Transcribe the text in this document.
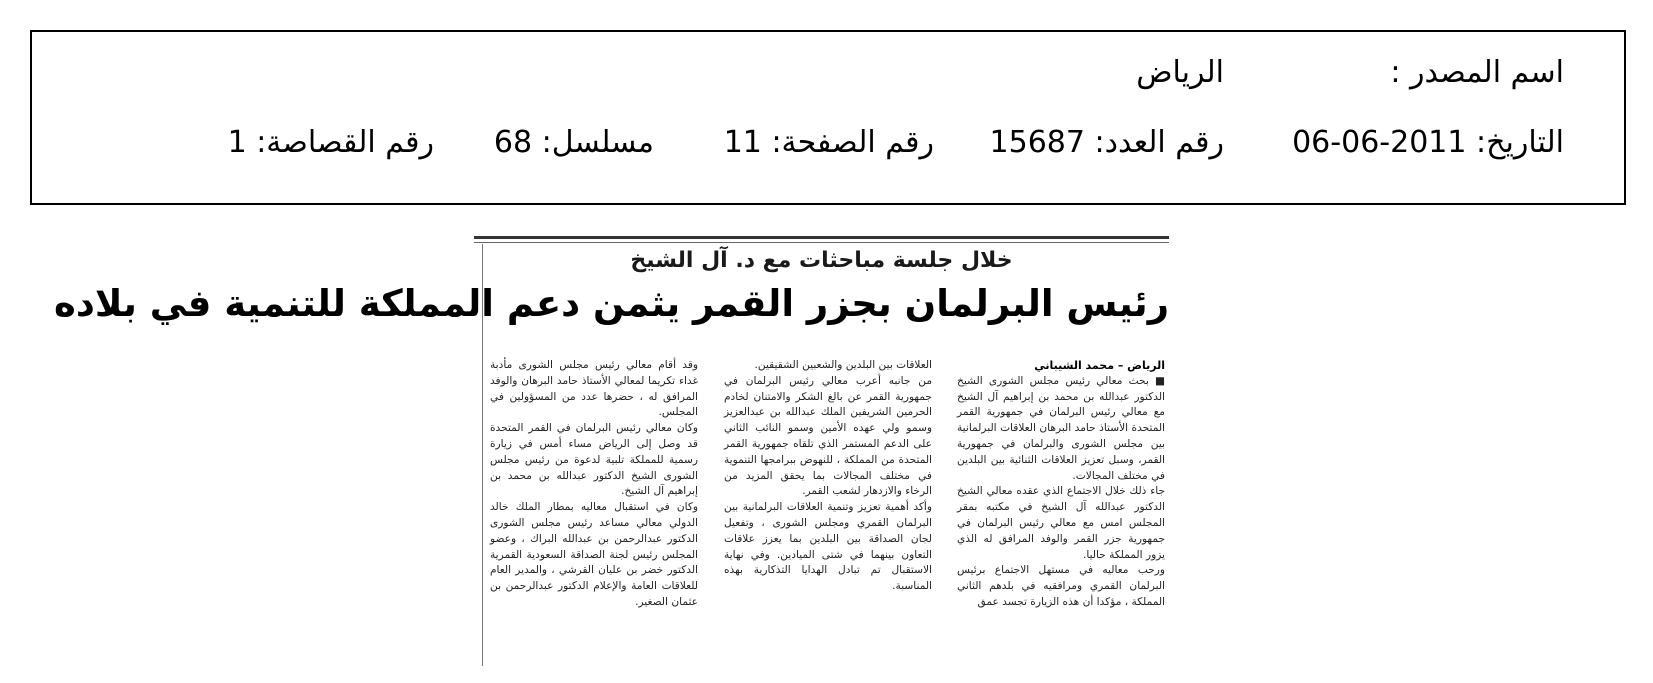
اسم المصدر :
الرياض
التاريخ: 2011-06-06
رقم العدد: 15687
رقم الصفحة: 11
مسلسل: 68
رقم القصاصة: 1
خلال جلسة مباحثات مع د. آل الشيخ
رئيس البرلمان بجزر القمر يثمن دعم المملكة للتنمية في بلاده

الرياض – محمد الشيباني

■ بحث معالي رئيس مجلس الشورى الشيخ الدكتور عبدالله بن محمد بن إبراهيم آل الشيخ مع معالي رئيس البرلمان في جمهورية القمر المتحدة الأستاذ حامد البرهان العلاقات البرلمانية بين مجلس الشورى والبرلمان في جمهورية القمر، وسبل تعزيز العلاقات الثنائية بين البلدين في مختلف المجالات.

جاء ذلك خلال الاجتماع الذي عقده معالي الشيخ الدكتور عبدالله آل الشيخ في مكتبه بمقر المجلس امس مع معالي رئيس البرلمان في جمهورية جزر القمر والوفد المرافق له الذي يزور المملكة حاليا.

ورحب معاليه في مستهل الاجتماع برئيس البرلمان القمري ومرافقيه في بلدهم الثاني المملكة ، مؤكدا أن هذه الزيارة تجسد عمق

العلاقات بين البلدين والشعبين الشقيقين.

من جانبه أعرب معالي رئيس البرلمان في جمهورية القمر عن بالغ الشكر والامتنان لخادم الحرمين الشريفين الملك عبدالله بن عبدالعزيز وسمو ولي عهده الأمين وسمو النائب الثاني على الدعم المستمر الذي تلقاه جمهورية القمر المتحدة من المملكة ، للنهوض ببرامجها التنموية في مختلف المجالات بما يحقق المزيد من الرخاء والازدهار لشعب القمر.

وأكد أهمية تعزيز وتنمية العلاقات البرلمانية بين البرلمان القمري ومجلس الشورى ، وتفعيل لجان الصداقة بين البلدين بما يعزز علاقات التعاون بينهما في شتى الميادين. وفي نهاية الاستقبال تم تبادل الهدايا التذكارية بهذه المناسبة.

وقد أقام معالي رئيس مجلس الشورى مأدبة غداء تكريما لمعالي الأستاذ حامد البرهان والوفد المرافق له ، حضرها عدد من المسؤولين في المجلس.

وكان معالي رئيس البرلمان في القمر المتحدة قد وصل إلى الرياض مساء أمس في زيارة رسمية للمملكة تلبية لدعوة من رئيس مجلس الشورى الشيخ الدكتور عبدالله بن محمد بن إبراهيم آل الشيخ.

وكان في استقبال معاليه بمطار الملك خالد الدولي معالي مساعد رئيس مجلس الشورى الدكتور عبدالرحمن بن عبدالله البراك ، وعضو المجلس رئيس لجنة الصداقة السعودية القمرية الدكتور خضر بن عليان القرشي ، والمدير العام للعلاقات العامة والإعلام الدكتور عبدالرحمن بن عثمان الصغير.
